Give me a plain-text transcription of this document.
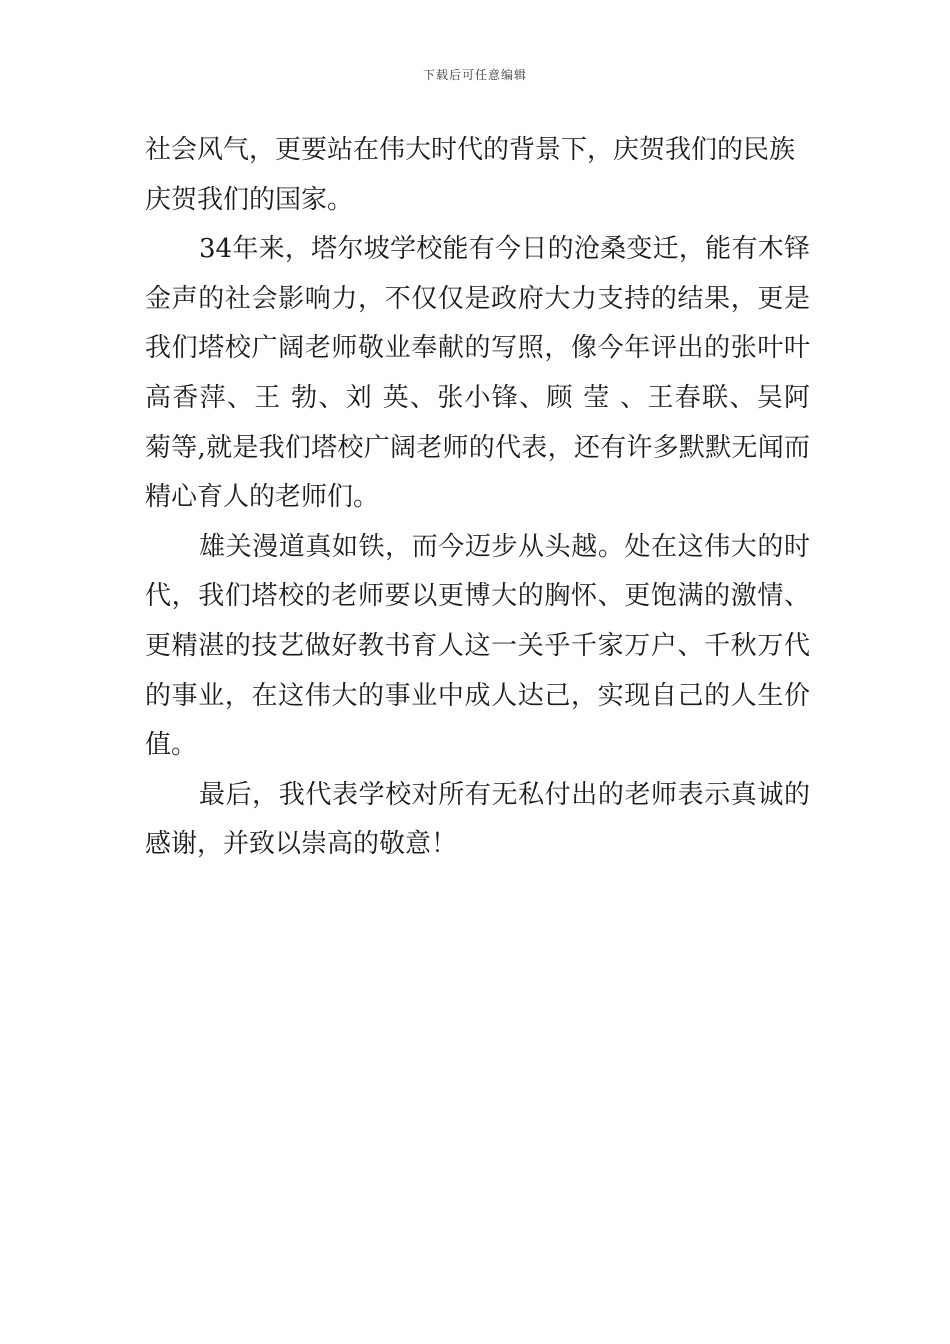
下载后可任意编辑
社会风气，更要站在伟大时代的背景下，庆贺我们的民族
庆贺我们的国家。
34年来，塔尔坡学校能有今日的沧桑变迁，能有木铎
金声的社会影响力，不仅仅是政府大力支持的结果，更是
我们塔校广阔老师敬业奉献的写照，像今年评出的张叶叶
高香萍、王 勃、刘 英、张小锋、顾 莹 、王春联、吴阿
菊等,就是我们塔校广阔老师的代表，还有许多默默无闻而
精心育人的老师们。
雄关漫道真如铁，而今迈步从头越。处在这伟大的时
代，我们塔校的老师要以更博大的胸怀、更饱满的激情、
更精湛的技艺做好教书育人这一关乎千家万户、千秋万代
的事业，在这伟大的事业中成人达己，实现自己的人生价
值。
最后，我代表学校对所有无私付出的老师表示真诚的
感谢，并致以崇高的敬意！
